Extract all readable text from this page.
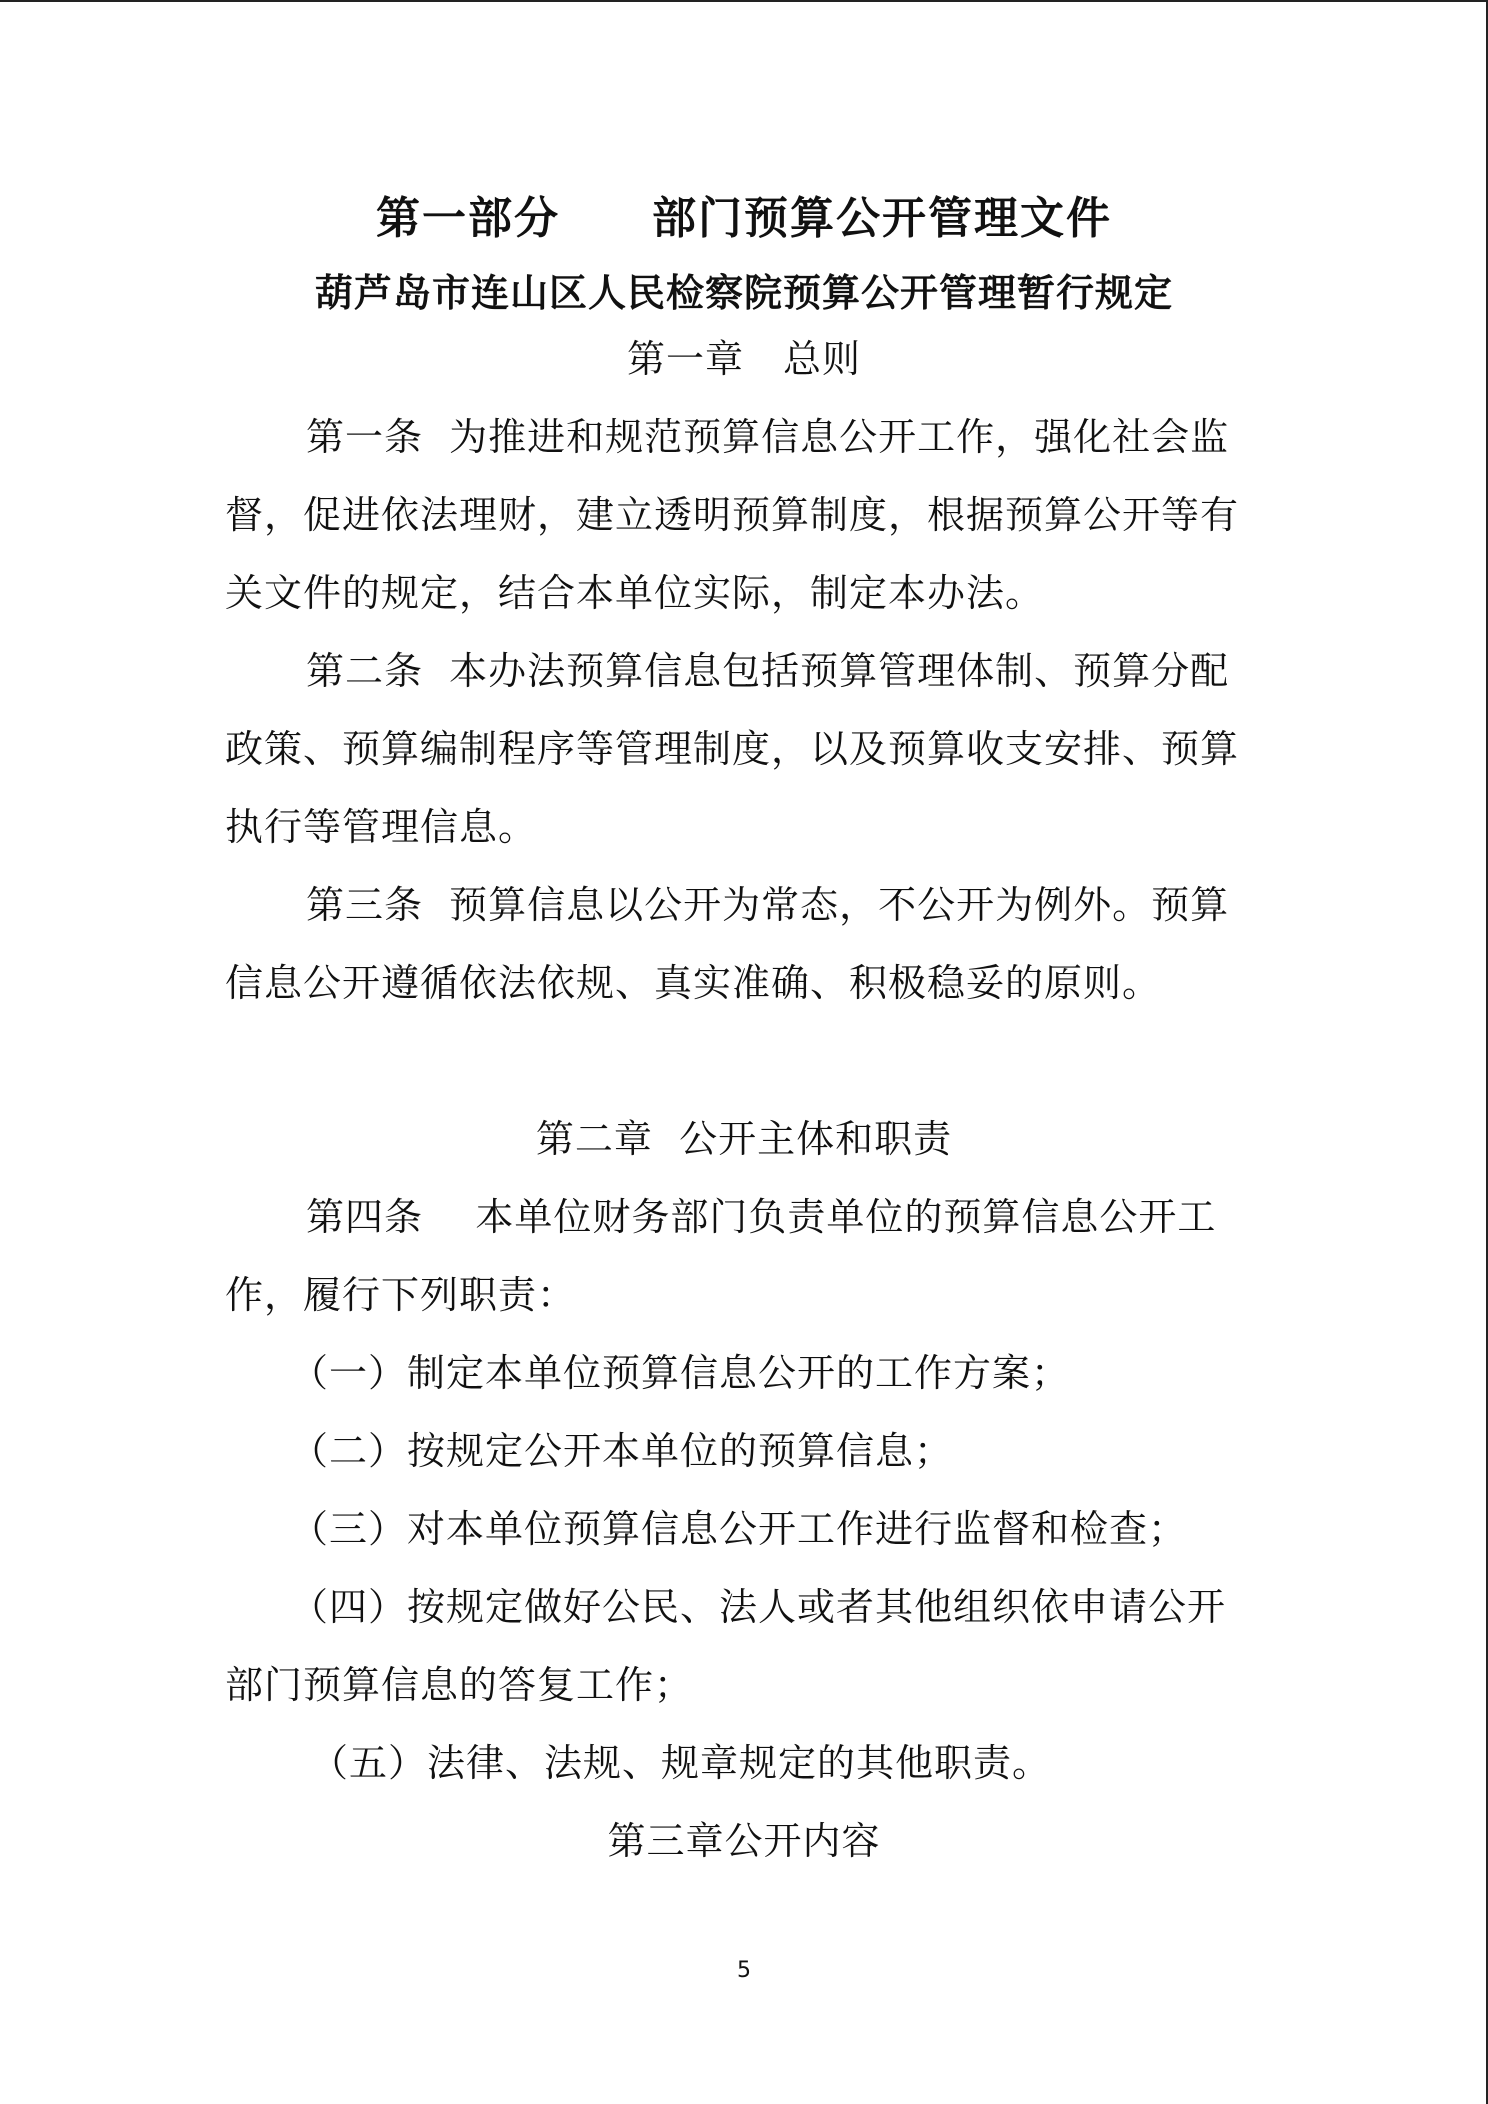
第一部分　　部门预算公开管理文件
葫芦岛市连山区人民检察院预算公开管理暂行规定
第一章　总则
第一条  为推进和规范预算信息公开工作，强化社会监
督，促进依法理财，建立透明预算制度，根据预算公开等有
关文件的规定，结合本单位实际，制定本办法。
第二条  本办法预算信息包括预算管理体制、预算分配
政策、预算编制程序等管理制度，以及预算收支安排、预算
执行等管理信息。
第三条  预算信息以公开为常态，不公开为例外。预算
信息公开遵循依法依规、真实准确、积极稳妥的原则。
第二章  公开主体和职责
第四条    本单位财务部门负责单位的预算信息公开工
作，履行下列职责：
（一）制定本单位预算信息公开的工作方案；
（二）按规定公开本单位的预算信息；
（三）对本单位预算信息公开工作进行监督和检查；
（四）按规定做好公民、法人或者其他组织依申请公开
部门预算信息的答复工作；
（五）法律、法规、规章规定的其他职责。
第三章公开内容
5
